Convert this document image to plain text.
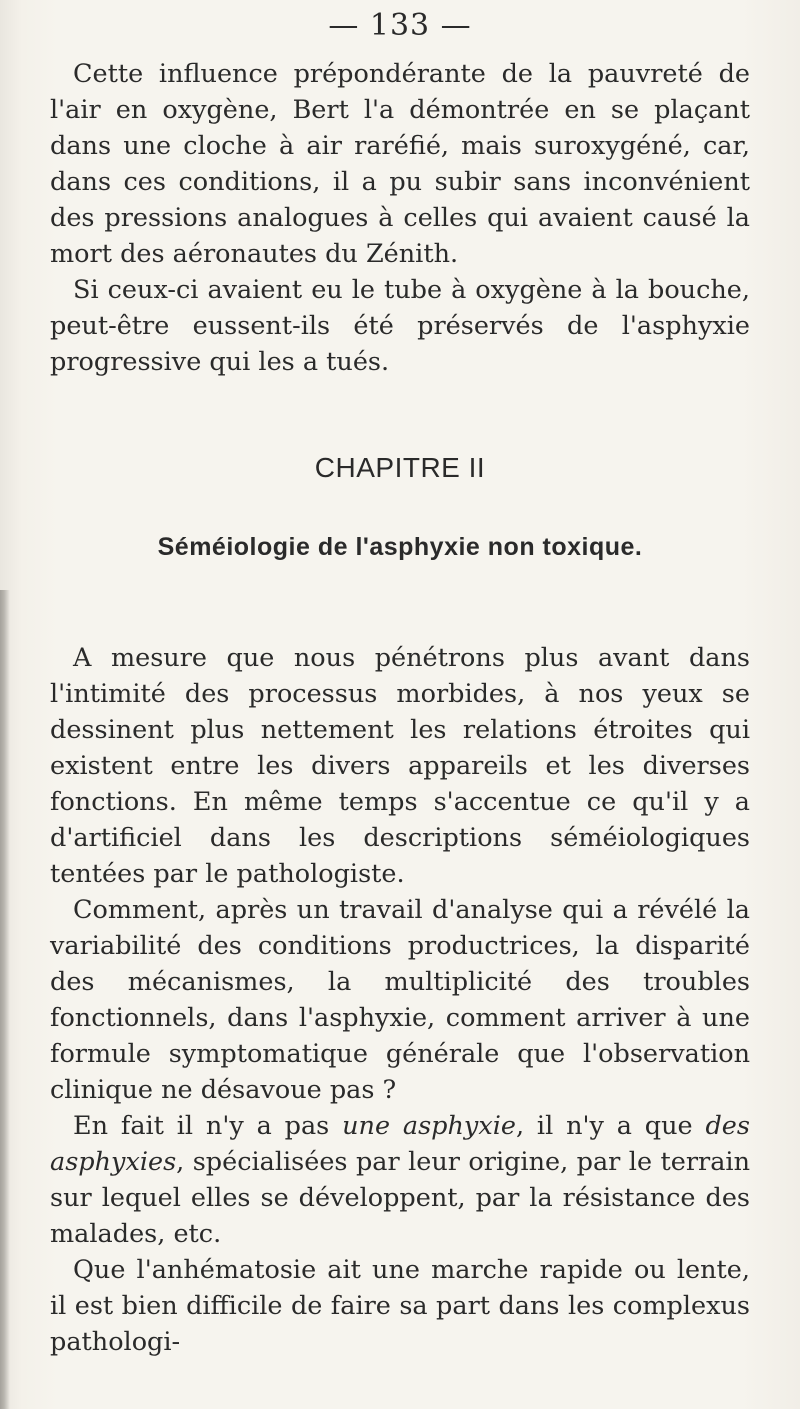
— 133 —

Cette influence prépondérante de la pauvreté de l'air en oxygène, Bert l'a démontrée en se plaçant dans une cloche à air raréfié, mais suroxygéné, car, dans ces conditions, il a pu subir sans inconvénient des pressions analogues à celles qui avaient causé la mort des aéronautes du Zénith.

Si ceux-ci avaient eu le tube à oxygène à la bouche, peut-être eussent-ils été préservés de l'asphyxie progressive qui les a tués.

CHAPITRE II
Séméiologie de l'asphyxie non toxique.

A mesure que nous pénétrons plus avant dans l'intimité des processus morbides, à nos yeux se dessinent plus nettement les relations étroites qui existent entre les divers appareils et les diverses fonctions. En même temps s'accentue ce qu'il y a d'artificiel dans les descriptions séméiologiques tentées par le pathologiste.

Comment, après un travail d'analyse qui a révélé la variabilité des conditions productrices, la disparité des mécanismes, la multiplicité des troubles fonctionnels, dans l'asphyxie, comment arriver à une formule symptomatique générale que l'observation clinique ne désavoue pas ?

En fait il n'y a pas une asphyxie, il n'y a que des asphyxies, spécialisées par leur origine, par le terrain sur lequel elles se développent, par la résistance des malades, etc.

Que l'anhématosie ait une marche rapide ou lente, il est bien difficile de faire sa part dans les complexus pathologi-
